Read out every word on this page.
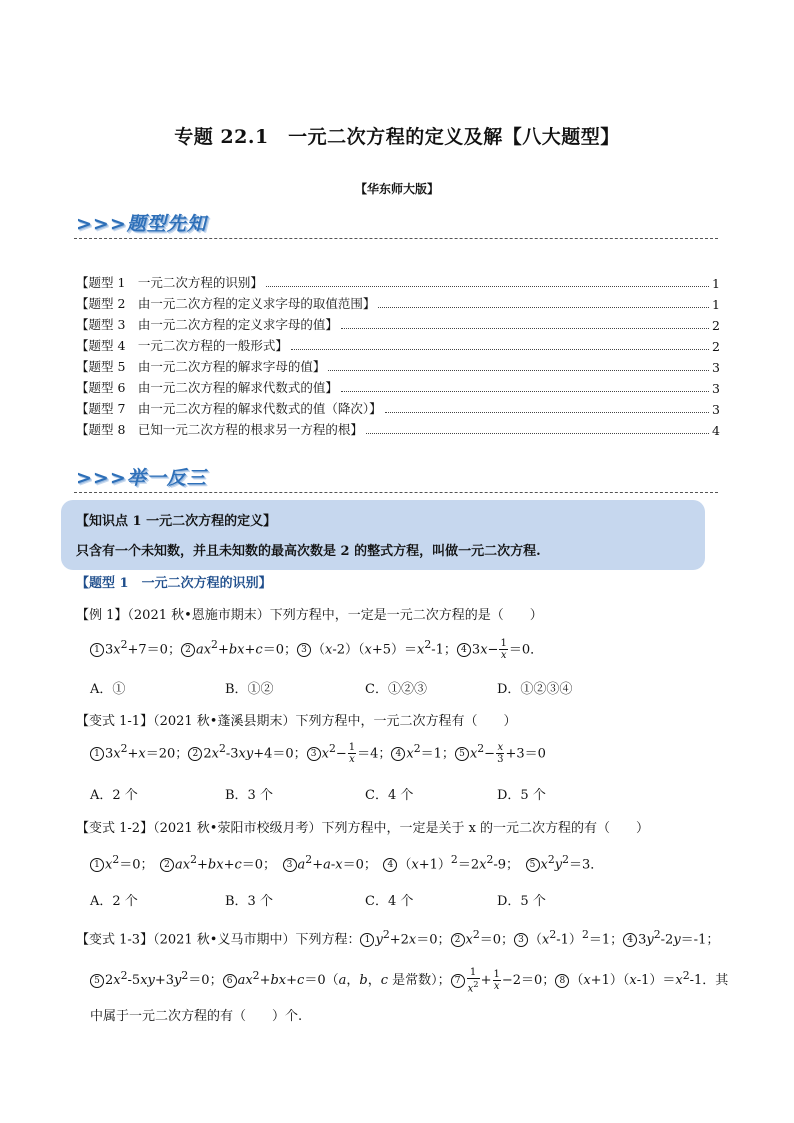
专题 22.1　一元二次方程的定义及解【八大题型】
【华东师大版】
>>>题型先知
【题型 1　一元二次方程的识别】	1
【题型 2　由一元二次方程的定义求字母的取值范围】	1
【题型 3　由一元二次方程的定义求字母的值】	2
【题型 4　一元二次方程的一般形式】	2
【题型 5　由一元二次方程的解求字母的值】	3
【题型 6　由一元二次方程的解求代数式的值】	3
【题型 7　由一元二次方程的解求代数式的值（降次）】	3
【题型 8　已知一元二次方程的根求另一方程的根】	4
>>>举一反三
【知识点 1 一元二次方程的定义】
只含有一个未知数，并且未知数的最高次数是 2 的整式方程，叫做一元二次方程.
【题型 1　一元二次方程的识别】
【例 1】（2021 秋•恩施市期末）下列方程中，一定是一元二次方程的是（　　）
1 $3x^2+7=0$； 2 $ax^2+bx+c=0$； 3 $(x-2)(x+5)=x^2-1$； 4 $3x- \frac{1}{x} =0$．
A．①	B．①②	C．①②③	D．①②③④
【变式 1-1】（2021 秋•蓬溪县期末）下列方程中，一元二次方程有（　　）
1 $3x^2+x=20$； 2 $2x^2-3xy+4=0$； 3 $x^2- \frac{1}{x} =4$； 4 $x^2=1$； 5 $x^2- \frac{x}{3} +3=0$
A．2 个	B．3 个	C．4 个	D．5 个
【变式 1-2】（2021 秋•荥阳市校级月考）下列方程中，一定是关于 x 的一元二次方程的有（　　）
1 $x^2=0$；　2 $ax^2+bx+c=0$；　3 $a^2+a-x=0$；　4 $(x+1)^2=2x^2-9$；　5 $x^2y^2=3$．
A．2 个	B．3 个	C．4 个	D．5 个
【变式 1-3】（2021 秋•义马市期中）下列方程： 1 $y^2+2x=0$； 2 $x^2=0$； 3 $(x^2-1)^2=1$； 4 $3y^2-2y=-1$；
5 $2x^2-5xy+3y^2=0$； 6 $ax^2+bx+c=0(a$，b，c 是常数）； $7 \frac{1}{x^2} + \frac{1}{x} -2=0$； 8 $(x+1)(x-1)=x^2-1$．其
中属于一元二次方程的有（　　）个.
